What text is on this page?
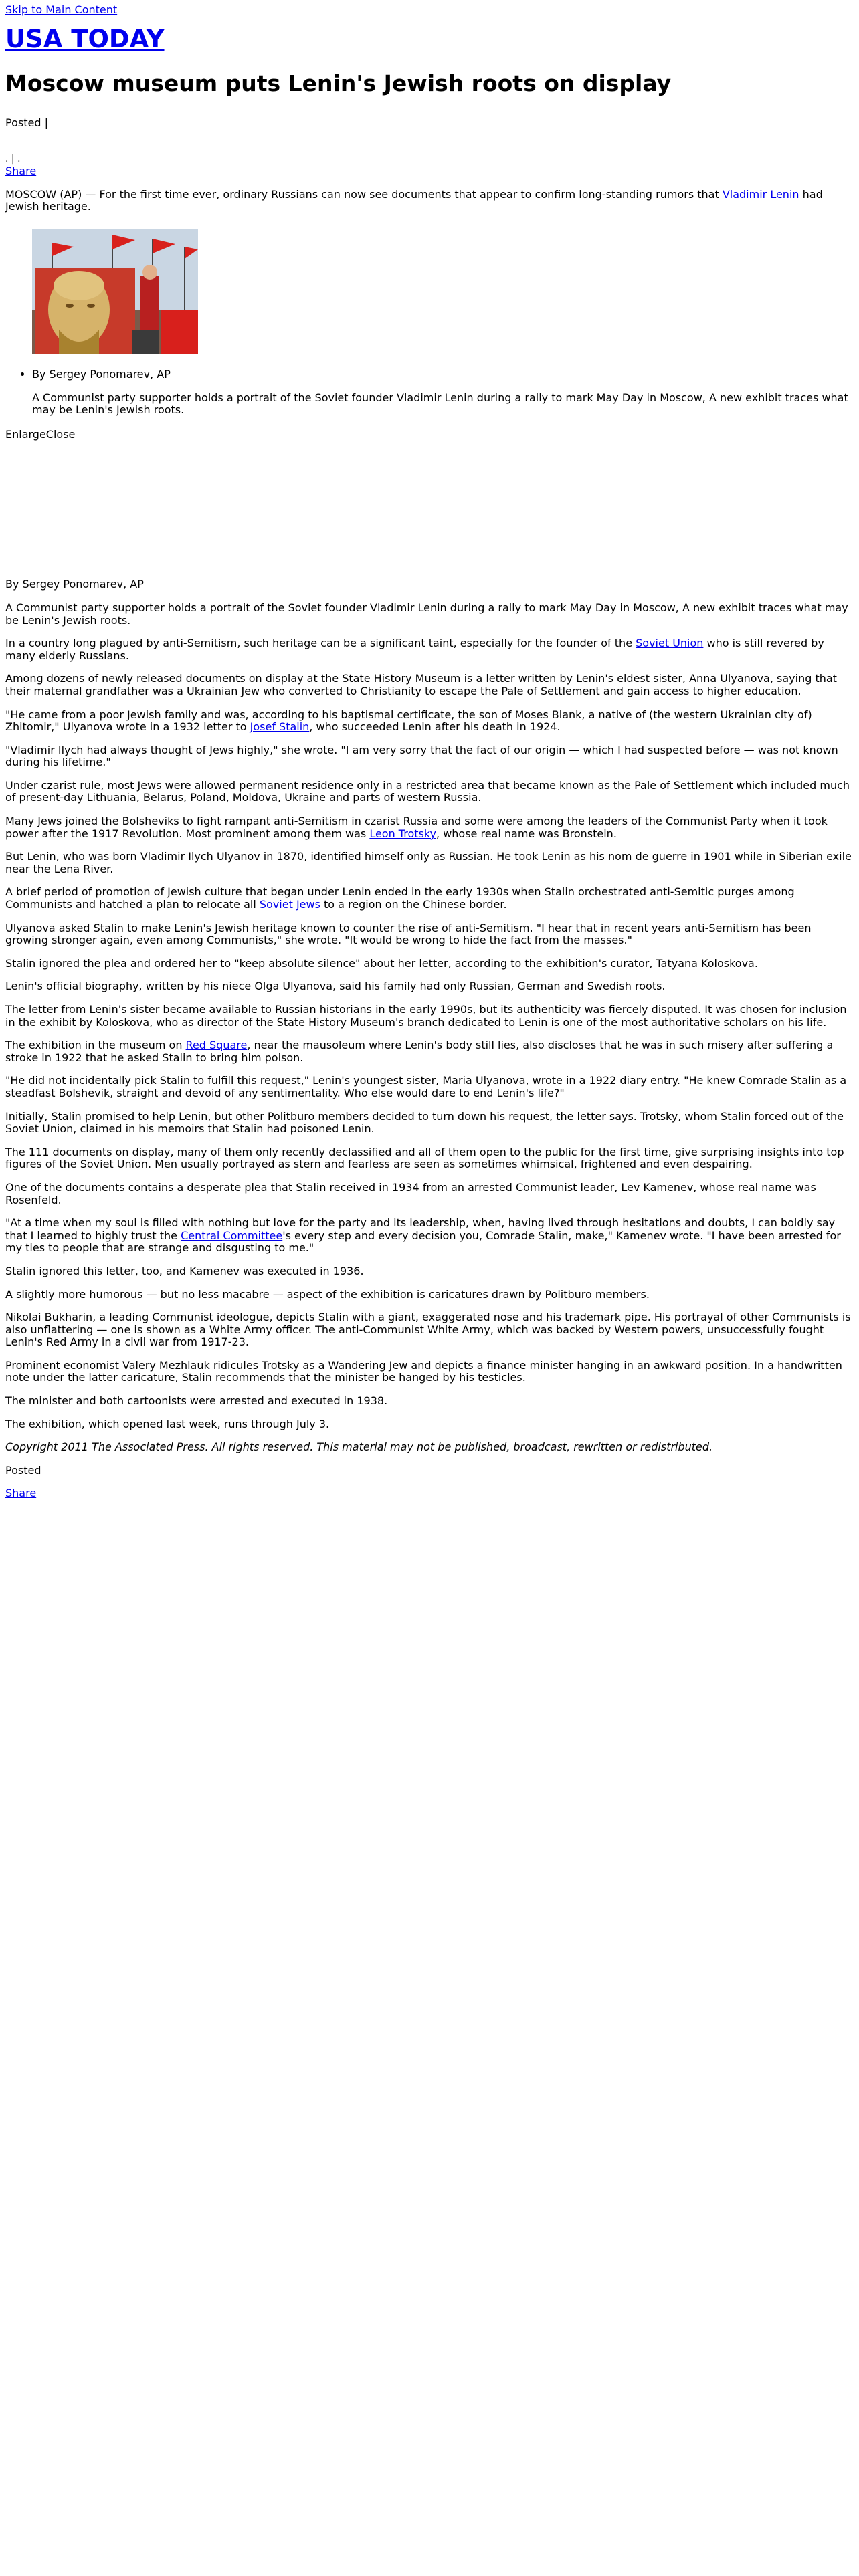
Skip to Main Content
USA TODAY
Moscow museum puts Lenin's Jewish roots on display

Posted |

. | .

Share

MOSCOW (AP) — For the first time ever, ordinary Russians can now see documents that appear to confirm long-standing rumors that Vladimir Lenin had Jewish heritage.

• By Sergey Ponomarev, AP

A Communist party supporter holds a portrait of the Soviet founder Vladimir Lenin during a rally to mark May Day in Moscow, A new exhibit traces what may be Lenin's Jewish roots.

EnlargeClose

By Sergey Ponomarev, AP

A Communist party supporter holds a portrait of the Soviet founder Vladimir Lenin during a rally to mark May Day in Moscow, A new exhibit traces what may be Lenin's Jewish roots.

In a country long plagued by anti-Semitism, such heritage can be a significant taint, especially for the founder of the Soviet Union who is still revered by many elderly Russians.

Among dozens of newly released documents on display at the State History Museum is a letter written by Lenin's eldest sister, Anna Ulyanova, saying that their maternal grandfather was a Ukrainian Jew who converted to Christianity to escape the Pale of Settlement and gain access to higher education.

"He came from a poor Jewish family and was, according to his baptismal certificate, the son of Moses Blank, a native of (the western Ukrainian city of) Zhitomir," Ulyanova wrote in a 1932 letter to Josef Stalin, who succeeded Lenin after his death in 1924.

"Vladimir Ilych had always thought of Jews highly," she wrote. "I am very sorry that the fact of our origin — which I had suspected before — was not known during his lifetime."

Under czarist rule, most Jews were allowed permanent residence only in a restricted area that became known as the Pale of Settlement which included much of present-day Lithuania, Belarus, Poland, Moldova, Ukraine and parts of western Russia.

Many Jews joined the Bolsheviks to fight rampant anti-Semitism in czarist Russia and some were among the leaders of the Communist Party when it took power after the 1917 Revolution. Most prominent among them was Leon Trotsky, whose real name was Bronstein.

But Lenin, who was born Vladimir Ilych Ulyanov in 1870, identified himself only as Russian. He took Lenin as his nom de guerre in 1901 while in Siberian exile near the Lena River.

A brief period of promotion of Jewish culture that began under Lenin ended in the early 1930s when Stalin orchestrated anti-Semitic purges among Communists and hatched a plan to relocate all Soviet Jews to a region on the Chinese border.

Ulyanova asked Stalin to make Lenin's Jewish heritage known to counter the rise of anti-Semitism. "I hear that in recent years anti-Semitism has been growing stronger again, even among Communists," she wrote. "It would be wrong to hide the fact from the masses."

Stalin ignored the plea and ordered her to "keep absolute silence" about her letter, according to the exhibition's curator, Tatyana Koloskova.

Lenin's official biography, written by his niece Olga Ulyanova, said his family had only Russian, German and Swedish roots.

The letter from Lenin's sister became available to Russian historians in the early 1990s, but its authenticity was fiercely disputed. It was chosen for inclusion in the exhibit by Koloskova, who as director of the State History Museum's branch dedicated to Lenin is one of the most authoritative scholars on his life.

The exhibition in the museum on Red Square, near the mausoleum where Lenin's body still lies, also discloses that he was in such misery after suffering a stroke in 1922 that he asked Stalin to bring him poison.

"He did not incidentally pick Stalin to fulfill this request," Lenin's youngest sister, Maria Ulyanova, wrote in a 1922 diary entry. "He knew Comrade Stalin as a steadfast Bolshevik, straight and devoid of any sentimentality. Who else would dare to end Lenin's life?"

Initially, Stalin promised to help Lenin, but other Politburo members decided to turn down his request, the letter says. Trotsky, whom Stalin forced out of the Soviet Union, claimed in his memoirs that Stalin had poisoned Lenin.

The 111 documents on display, many of them only recently declassified and all of them open to the public for the first time, give surprising insights into top figures of the Soviet Union. Men usually portrayed as stern and fearless are seen as sometimes whimsical, frightened and even despairing.

One of the documents contains a desperate plea that Stalin received in 1934 from an arrested Communist leader, Lev Kamenev, whose real name was Rosenfeld.

"At a time when my soul is filled with nothing but love for the party and its leadership, when, having lived through hesitations and doubts, I can boldly say that I learned to highly trust the Central Committee's every step and every decision you, Comrade Stalin, make," Kamenev wrote. "I have been arrested for my ties to people that are strange and disgusting to me."

Stalin ignored this letter, too, and Kamenev was executed in 1936.

A slightly more humorous — but no less macabre — aspect of the exhibition is caricatures drawn by Politburo members.

Nikolai Bukharin, a leading Communist ideologue, depicts Stalin with a giant, exaggerated nose and his trademark pipe. His portrayal of other Communists is also unflattering — one is shown as a White Army officer. The anti-Communist White Army, which was backed by Western powers, unsuccessfully fought Lenin's Red Army in a civil war from 1917-23.

Prominent economist Valery Mezhlauk ridicules Trotsky as a Wandering Jew and depicts a finance minister hanging in an awkward position. In a handwritten note under the latter caricature, Stalin recommends that the minister be hanged by his testicles.

The minister and both cartoonists were arrested and executed in 1938.

The exhibition, which opened last week, runs through July 3.

Copyright 2011 The Associated Press. All rights reserved. This material may not be published, broadcast, rewritten or redistributed.

Posted

Share
